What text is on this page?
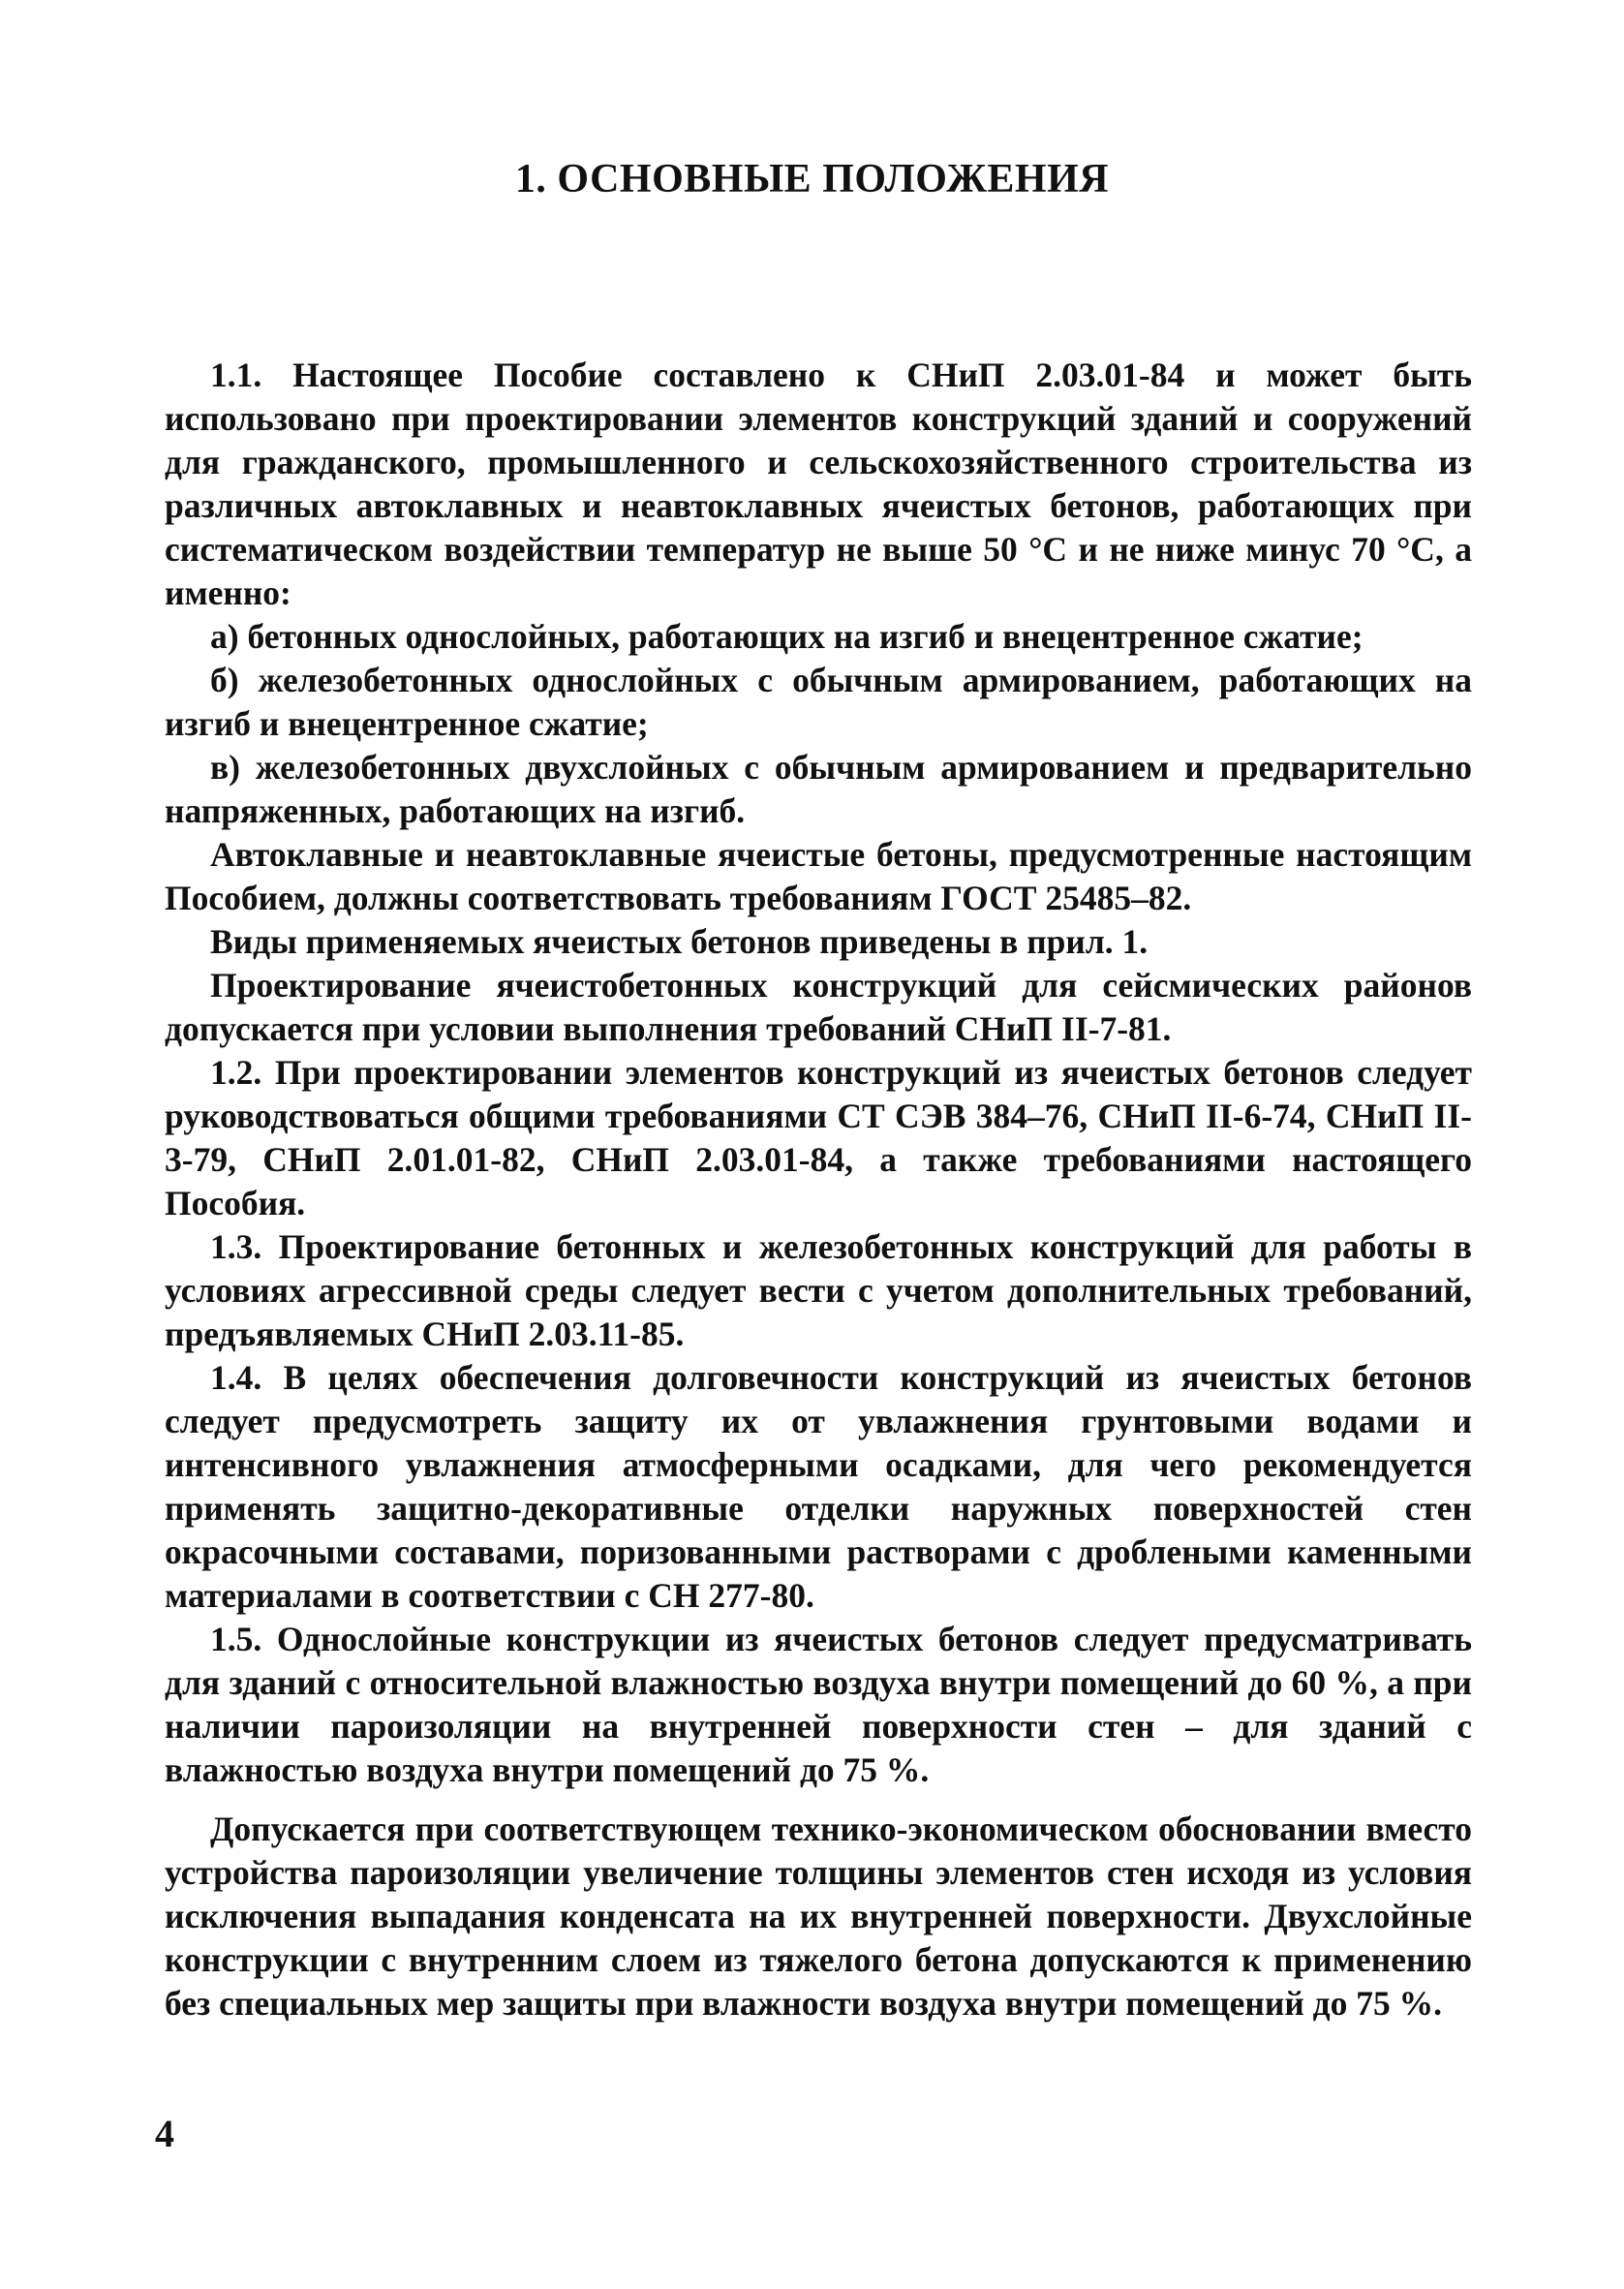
1. ОСНОВНЫЕ ПОЛОЖЕНИЯ

1.1. Настоящее Пособие составлено к СНиП 2.03.01-84 и может быть использовано при проектировании элементов конструкций зданий и сооружений для гражданского, промышленного и сельскохозяйственного строительства из различных автоклавных и неавтоклавных ячеистых бетонов, работающих при систематическом воздействии температур не выше 50 °С и не ниже минус 70 °С, а именно:

а) бетонных однослойных, работающих на изгиб и внецентренное сжатие;

б) железобетонных однослойных с обычным армированием, работающих на изгиб и внецентренное сжатие;

в) железобетонных двухслойных с обычным армированием и предварительно напряженных, работающих на изгиб.

Автоклавные и неавтоклавные ячеистые бетоны, предусмотренные настоящим Пособием, должны соответствовать требованиям ГОСТ 25485–82.

Виды применяемых ячеистых бетонов приведены в прил. 1.

Проектирование ячеистобетонных конструкций для сейсмических районов допускается при условии выполнения требований СНиП II-7-81.

1.2. При проектировании элементов конструкций из ячеистых бетонов следует руководствоваться общими требованиями СТ СЭВ 384–76, СНиП II-6-74, СНиП II-3-79, СНиП 2.01.01-82, СНиП 2.03.01-84, а также требованиями настоящего Пособия.

1.3. Проектирование бетонных и железобетонных конструкций для работы в условиях агрессивной среды следует вести с учетом дополнительных требований, предъявляемых СНиП 2.03.11-85.

1.4. В целях обеспечения долговечности конструкций из ячеистых бетонов следует предусмотреть защиту их от увлажнения грунтовыми водами и интенсивного увлажнения атмосферными осадками, для чего рекомендуется применять защитно-декоративные отделки наружных поверхностей стен окрасочными составами, поризованными растворами с дроблеными каменными материалами в соответствии с СН 277-80.

1.5. Однослойные конструкции из ячеистых бетонов следует предусматривать для зданий с относительной влажностью воздуха внутри помещений до 60 %, а при наличии пароизоляции на внутренней поверхности стен – для зданий с влажностью воздуха внутри помещений до 75 %.

Допускается при соответствующем технико-экономическом обосновании вместо устройства пароизоляции увеличение толщины элементов стен исходя из условия исключения выпадания конденсата на их внутренней поверхности. Двухслойные конструкции с внутренним слоем из тяжелого бетона допускаются к применению без специальных мер защиты при влажности воздуха внутри помещений до 75 %.

4
